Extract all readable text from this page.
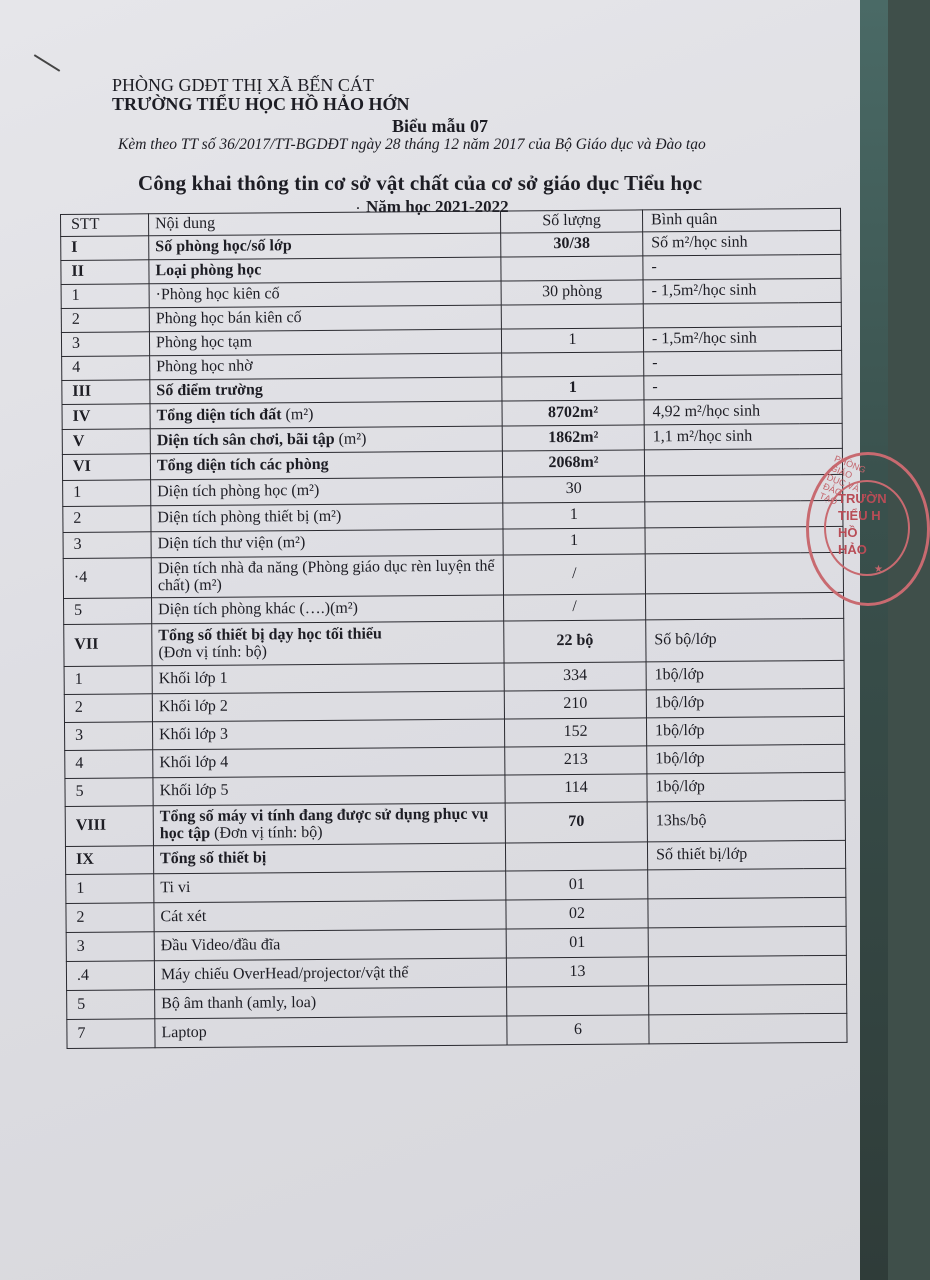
PHÒNG GDĐT THỊ XÃ BẾN CÁT
TRƯỜNG TIỂU HỌC HỒ HẢO HỚN
Biểu mẫu 07
Kèm theo TT số 36/2017/TT-BGDĐT ngày 28 tháng 12 năm 2017 của Bộ Giáo dục và Đào tạo
Công khai thông tin cơ sở vật chất của cơ sở giáo dục Tiểu học
· Năm học 2021-2022
STT	Nội dung	Số lượng	Bình quân
I	Số phòng học/số lớp	30/38	Số m²/học sinh
II	Loại phòng học		-
1	·Phòng học kiên cố	30 phòng	- 1,5m²/học sinh
2	Phòng học bán kiên cố		
3	Phòng học tạm	1	- 1,5m²/học sinh
4	Phòng học nhờ		-
III	Số điểm trường	1	-
IV	Tổng diện tích đất (m²)	8702m²	4,92 m²/học sinh
V	Diện tích sân chơi, bãi tập (m²)	1862m²	1,1 m²/học sinh
VI	Tổng diện tích các phòng	2068m²	
1	Diện tích phòng học (m²)	30	
2	Diện tích phòng thiết bị (m²)	1	
3	Diện tích thư viện (m²)	1	
·4	Diện tích nhà đa năng (Phòng giáo dục rèn luyện thể chất) (m²)	/	
5	Diện tích phòng khác (….)(m²)	/	
VII	Tổng số thiết bị dạy học tối thiểu
(Đơn vị tính: bộ)	22 bộ	Số bộ/lớp
1	Khối lớp 1	334	1bộ/lớp
2	Khối lớp 2	210	1bộ/lớp
3	Khối lớp 3	152	1bộ/lớp
4	Khối lớp 4	213	1bộ/lớp
5	Khối lớp 5	114	1bộ/lớp
VIII	Tổng số máy vi tính đang được sử dụng phục vụ học tập (Đơn vị tính: bộ)	70	13hs/bộ
IX	Tổng số thiết bị		Số thiết bị/lớp
1	Ti vi	01	
2	Cát xét	02	
3	Đầu Video/đầu đĩa	01	
.4	Máy chiếu OverHead/projector/vật thể	13	
5	Bộ âm thanh (amly, loa)		
7	Laptop	6	
PHÒNG GIÁO DỤC VÀ ĐÀO TẠO TRƯỜN
TIỂU H
HỒ HẢO
★
